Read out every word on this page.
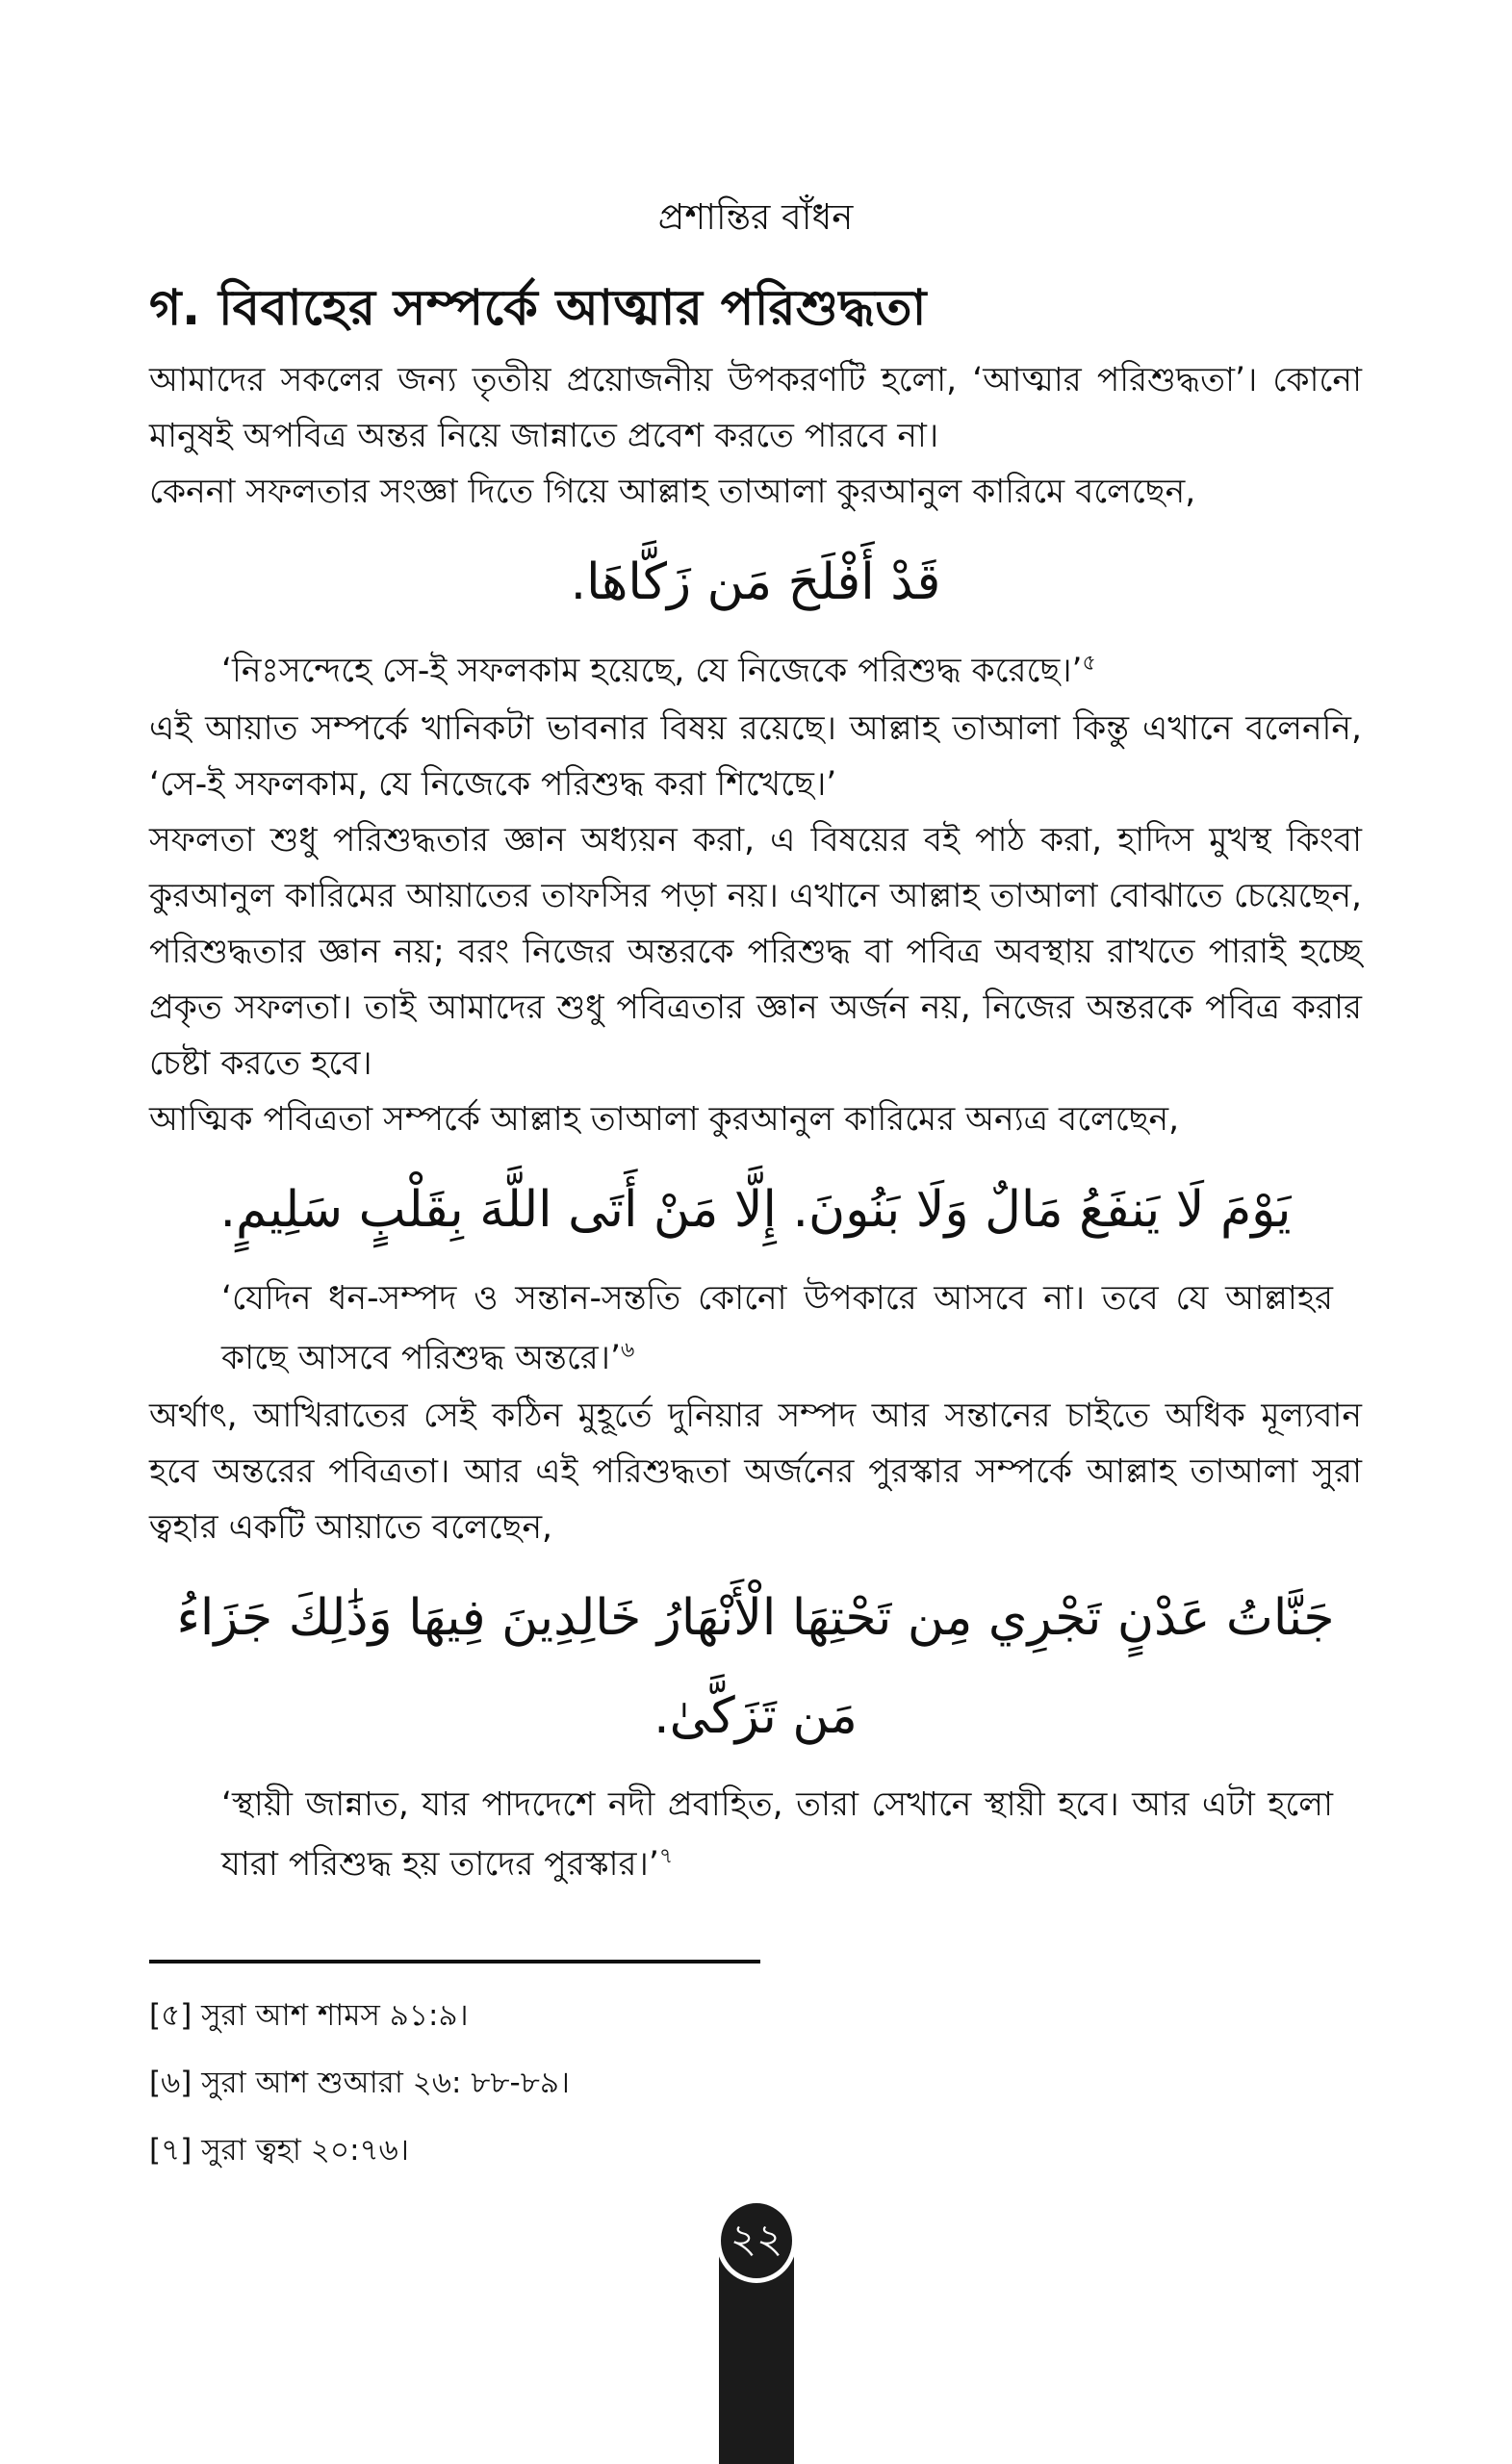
প্রশান্তির বাঁধন
গ. বিবাহের সম্পর্কে আত্মার পরিশুদ্ধতা

আমাদের সকলের জন্য তৃতীয় প্রয়োজনীয় উপকরণটি হলো, ‘আত্মার পরিশুদ্ধতা’। কোনো মানুষই অপবিত্র অন্তর নিয়ে জান্নাতে প্রবেশ করতে পারবে না।

কেননা সফলতার সংজ্ঞা দিতে গিয়ে আল্লাহ তাআলা কুরআনুল কারিমে বলেছেন,

قَدْ أَفْلَحَ مَن زَكَّاهَا.

‘নিঃসন্দেহে সে-ই সফলকাম হয়েছে, যে নিজেকে পরিশুদ্ধ করেছে।’$^৫$

এই আয়াত সম্পর্কে খানিকটা ভাবনার বিষয় রয়েছে। আল্লাহ তাআলা কিন্তু এখানে বলেননি, ‘সে-ই সফলকাম, যে নিজেকে পরিশুদ্ধ করা শিখেছে।’

সফলতা শুধু পরিশুদ্ধতার জ্ঞান অধ্যয়ন করা, এ বিষয়ের বই পাঠ করা, হাদিস মুখস্থ কিংবা কুরআনুল কারিমের আয়াতের তাফসির পড়া নয়। এখানে আল্লাহ তাআলা বোঝাতে চেয়েছেন, পরিশুদ্ধতার জ্ঞান নয়; বরং নিজের অন্তরকে পরিশুদ্ধ বা পবিত্র অবস্থায় রাখতে পারাই হচ্ছে প্রকৃত সফলতা। তাই আমাদের শুধু পবিত্রতার জ্ঞান অর্জন নয়, নিজের অন্তরকে পবিত্র করার চেষ্টা করতে হবে।

আত্মিক পবিত্রতা সম্পর্কে আল্লাহ তাআলা কুরআনুল কারিমের অন্যত্র বলেছেন,

يَوْمَ لَا يَنفَعُ مَالٌ وَلَا بَنُونَ. إِلَّا مَنْ أَتَى اللَّهَ بِقَلْبٍ سَلِيمٍ.

‘যেদিন ধন-সম্পদ ও সন্তান-সন্ততি কোনো উপকারে আসবে না। তবে যে আল্লাহর কাছে আসবে পরিশুদ্ধ অন্তরে।’$^৬$

অর্থাৎ, আখিরাতের সেই কঠিন মুহূর্তে দুনিয়ার সম্পদ আর সন্তানের চাইতে অধিক মূল্যবান হবে অন্তরের পবিত্রতা। আর এই পরিশুদ্ধতা অর্জনের পুরস্কার সম্পর্কে আল্লাহ তাআলা সুরা ত্বহার একটি আয়াতে বলেছেন,

جَنَّاتُ عَدْنٍ تَجْرِي مِن تَحْتِهَا الْأَنْهَارُ خَالِدِينَ فِيهَا وَذَٰلِكَ جَزَاءُ مَن تَزَكَّىٰ.

‘স্থায়ী জান্নাত, যার পাদদেশে নদী প্রবাহিত, তারা সেখানে স্থায়ী হবে। আর এটা হলো যারা পরিশুদ্ধ হয় তাদের পুরস্কার।’$^৭$

[৫] সুরা আশ শামস ৯১:৯।
[৬] সুরা আশ শুআরা ২৬: ৮৮-৮৯।
[৭] সুরা ত্বহা ২০:৭৬।
২২
